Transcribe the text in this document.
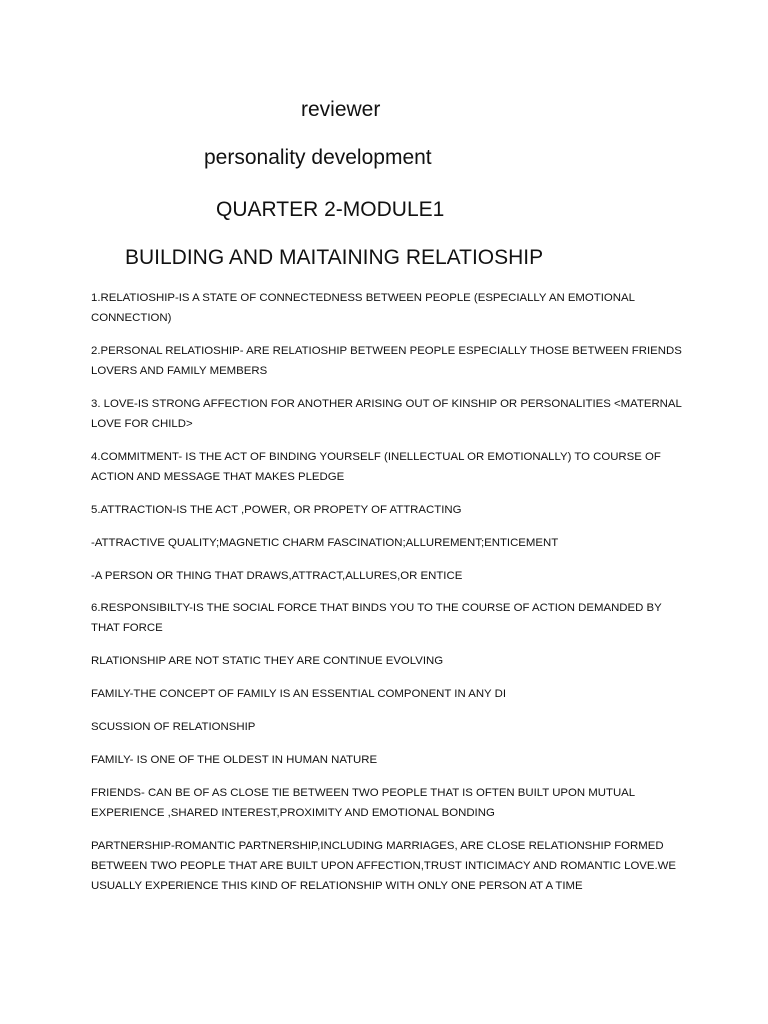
reviewer
personality development
QUARTER 2-MODULE1
BUILDING AND MAITAINING RELATIOSHIP
1.RELATIOSHIP-IS A STATE OF CONNECTEDNESS BETWEEN PEOPLE (ESPECIALLY AN EMOTIONAL
CONNECTION)
2.PERSONAL RELATIOSHIP- ARE RELATIOSHIP BETWEEN PEOPLE ESPECIALLY THOSE BETWEEN FRIENDS
LOVERS AND FAMILY MEMBERS
3. LOVE-IS STRONG AFFECTION FOR ANOTHER ARISING OUT OF KINSHIP OR PERSONALITIES <MATERNAL
LOVE FOR CHILD>
4.COMMITMENT- IS THE ACT OF BINDING YOURSELF (INELLECTUAL OR EMOTIONALLY) TO COURSE OF
ACTION AND MESSAGE THAT MAKES PLEDGE
5.ATTRACTION-IS THE ACT ,POWER, OR PROPETY OF ATTRACTING
-ATTRACTIVE QUALITY;MAGNETIC CHARM FASCINATION;ALLUREMENT;ENTICEMENT
-A PERSON OR THING THAT DRAWS,ATTRACT,ALLURES,OR ENTICE
6.RESPONSIBILTY-IS THE SOCIAL FORCE THAT BINDS YOU TO THE COURSE OF ACTION DEMANDED BY
THAT FORCE
RLATIONSHIP ARE NOT STATIC THEY ARE CONTINUE EVOLVING
FAMILY-THE CONCEPT OF FAMILY IS AN ESSENTIAL COMPONENT IN ANY DI
SCUSSION OF RELATIONSHIP
FAMILY- IS ONE OF THE OLDEST IN HUMAN NATURE
FRIENDS- CAN BE OF AS CLOSE TIE BETWEEN TWO PEOPLE THAT IS OFTEN BUILT UPON MUTUAL
EXPERIENCE ,SHARED INTEREST,PROXIMITY AND EMOTIONAL BONDING
PARTNERSHIP-ROMANTIC PARTNERSHIP,INCLUDING MARRIAGES, ARE CLOSE RELATIONSHIP FORMED
BETWEEN TWO PEOPLE THAT ARE BUILT UPON AFFECTION,TRUST INTICIMACY AND ROMANTIC LOVE.WE
USUALLY EXPERIENCE THIS KIND OF RELATIONSHIP WITH ONLY ONE PERSON AT A TIME
